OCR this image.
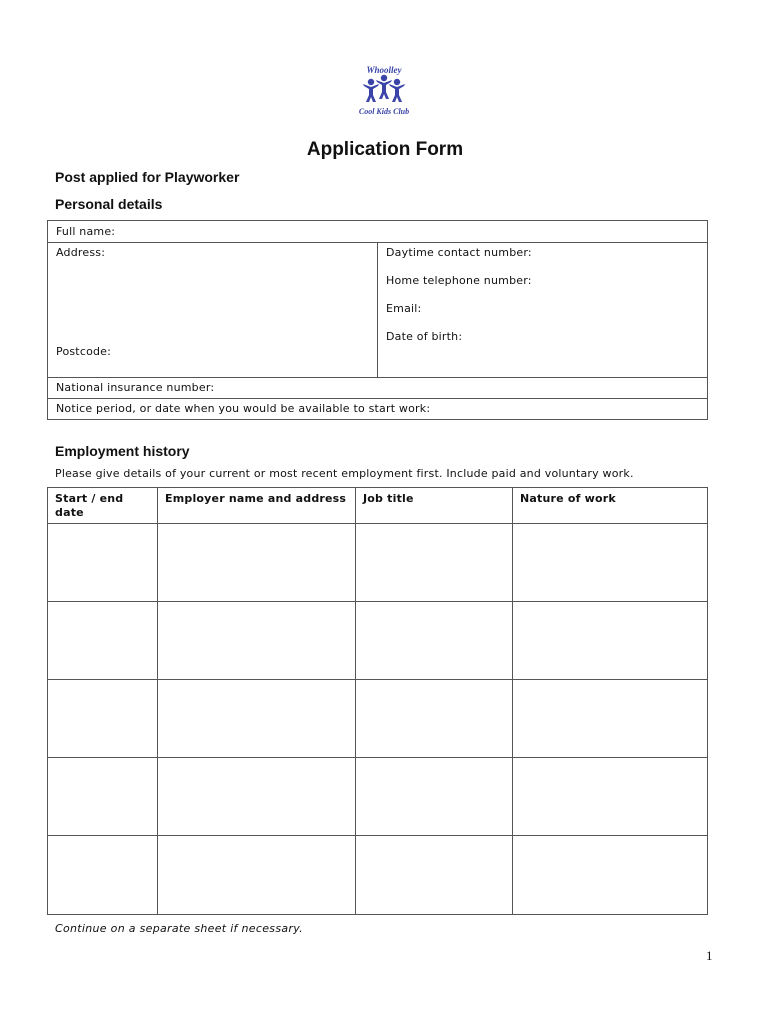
Whoolley
Cool Kids Club
Application Form
Post applied for Playworker
Personal details
Full name:
Address:
Postcode:
Daytime contact number:
Home telephone number:
Email:
Date of birth:
National insurance number:
Notice period, or date when you would be available to start work:
Employment history
Please give details of your current or most recent employment first. Include paid and voluntary work.
Start / end
date
Employer name and address Job title	Nature of work
Continue on a separate sheet if necessary.
1
